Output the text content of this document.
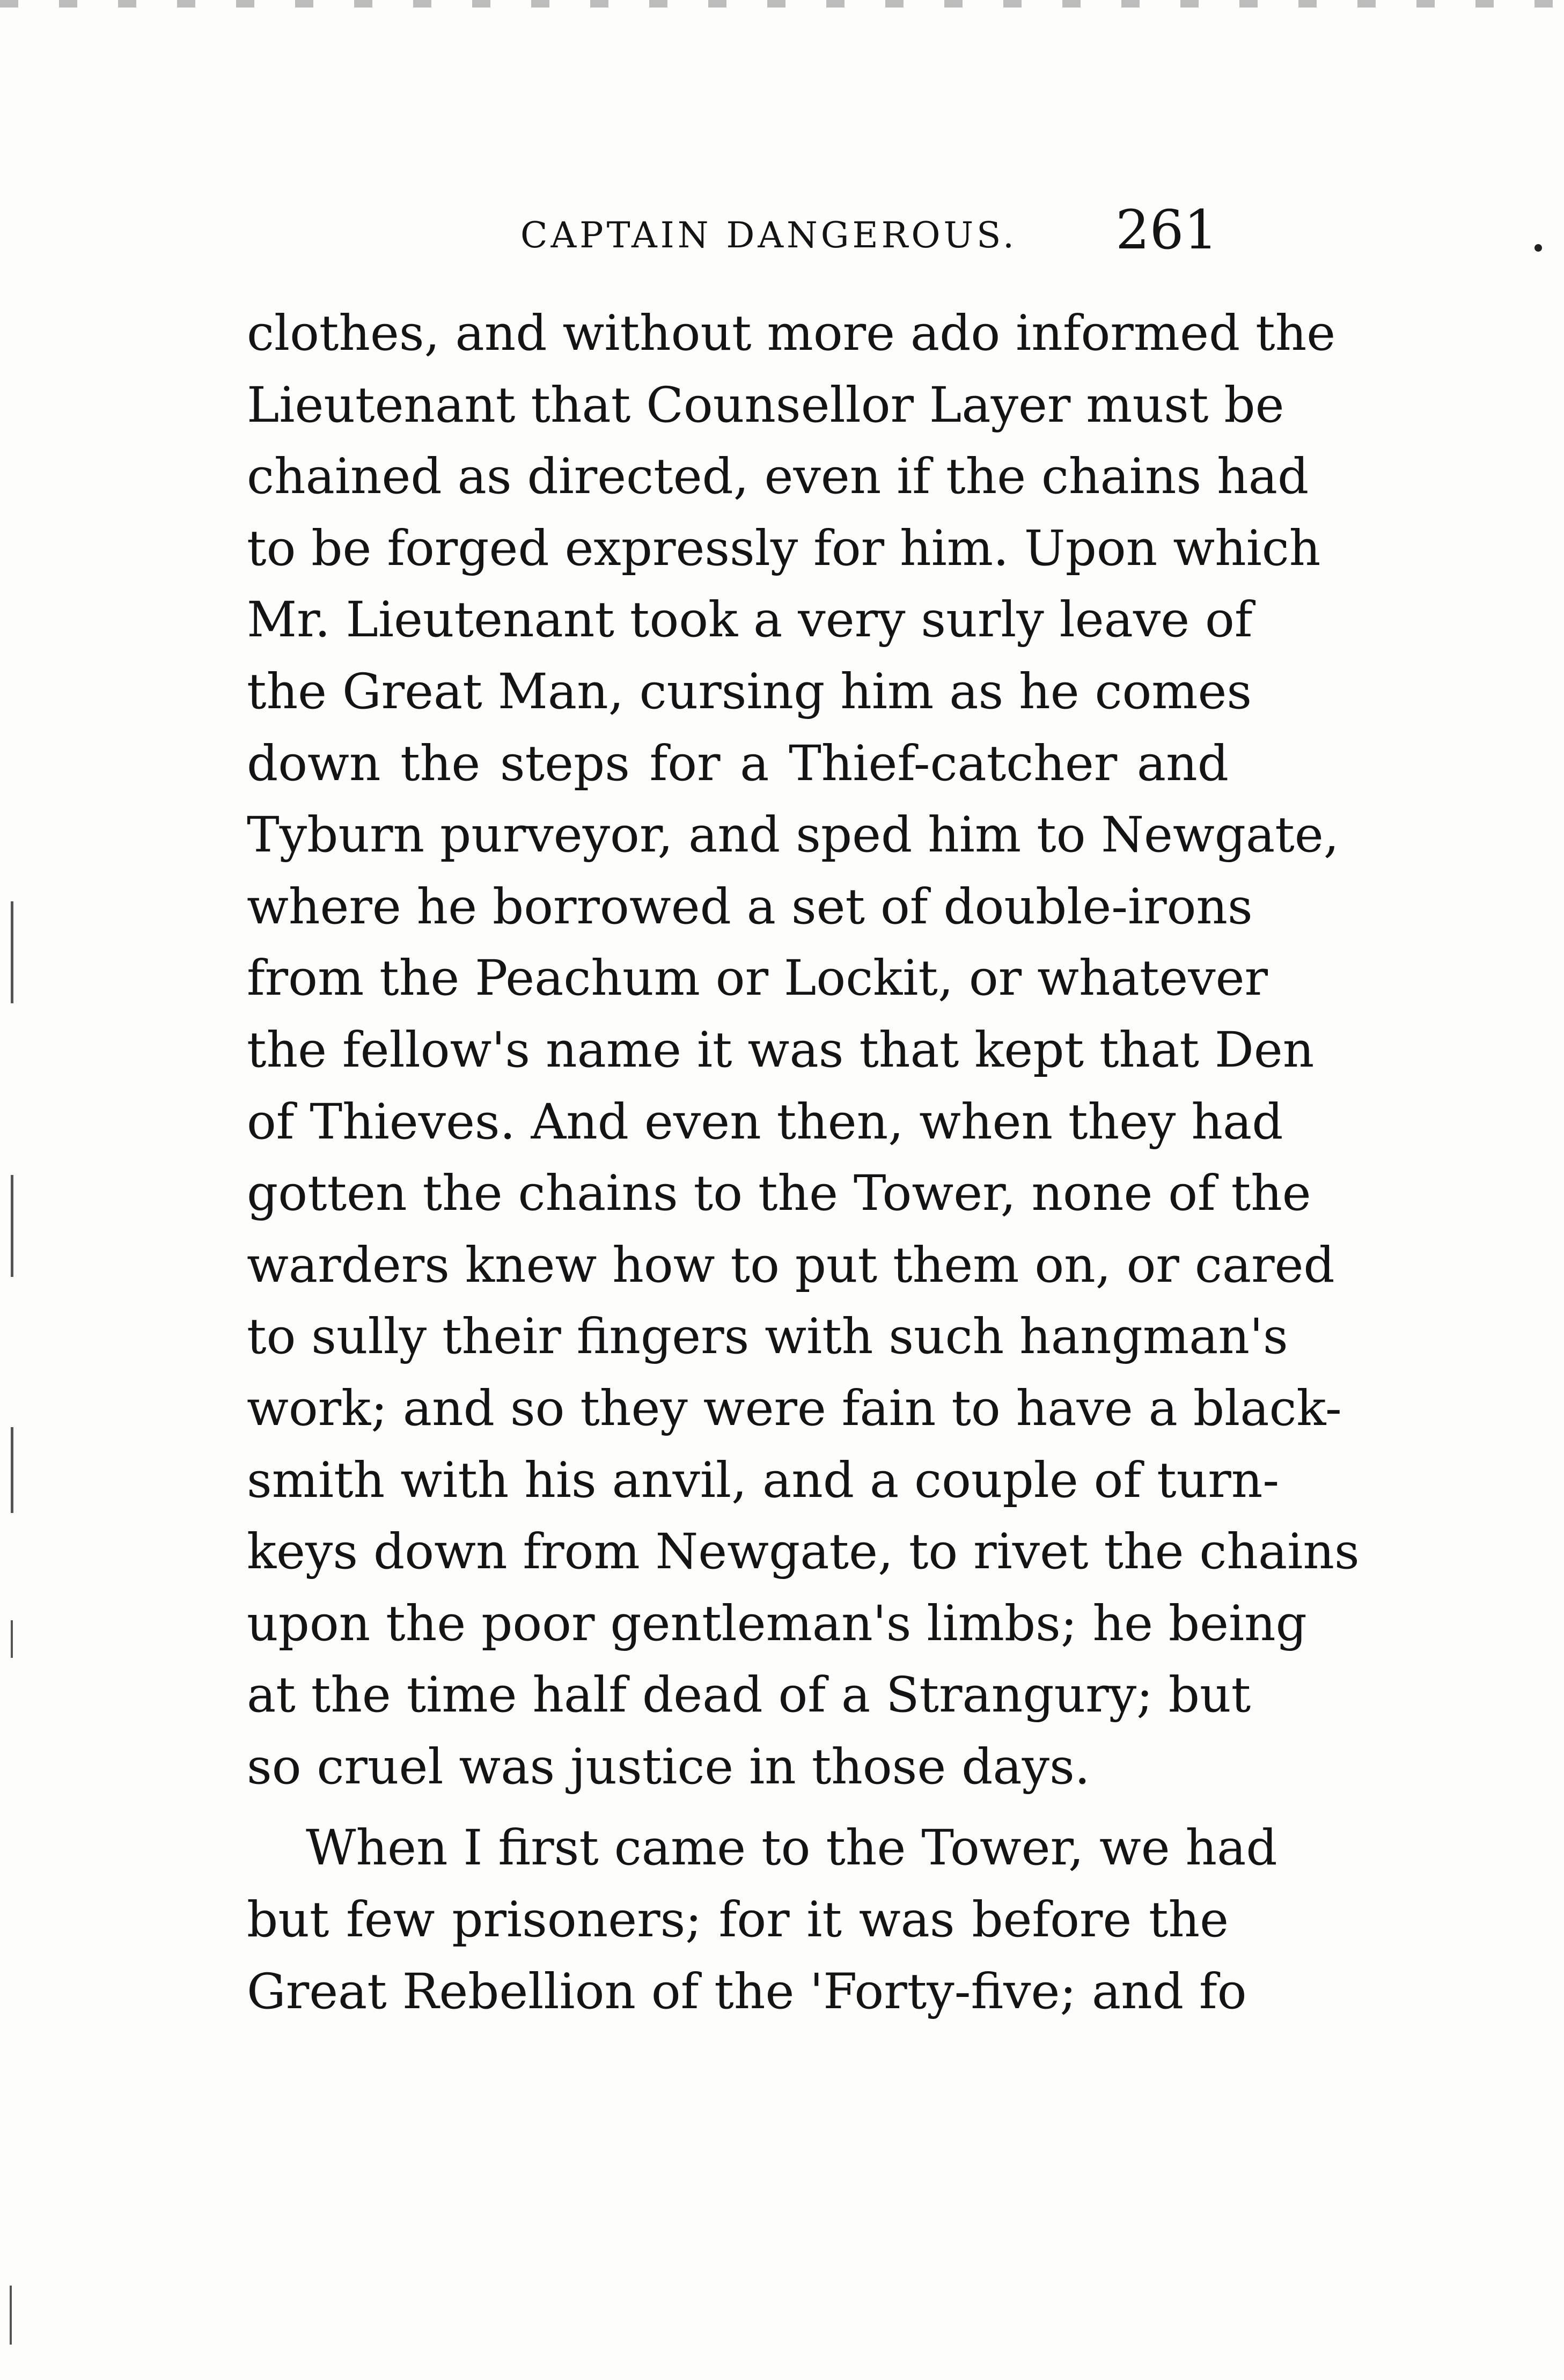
CAPTAIN DANGEROUS. 261
clothes, and without more ado informed the
Lieutenant that Counsellor Layer must be
chained as directed, even if the chains had
to be forged expressly for him. Upon which
Mr. Lieutenant took a very surly leave of
the Great Man, cursing him as he comes
down the steps for a Thief-catcher and
Tyburn purveyor, and sped him to Newgate,
where he borrowed a set of double-irons
from the Peachum or Lockit, or whatever
the fellow's name it was that kept that Den
of Thieves. And even then, when they had
gotten the chains to the Tower, none of the
warders knew how to put them on, or cared
to sully their fingers with such hangman's
work; and so they were fain to have a black-
smith with his anvil, and a couple of turn-
keys down from Newgate, to rivet the chains
upon the poor gentleman's limbs; he being
at the time half dead of a Strangury; but
so cruel was justice in those days.
When I first came to the Tower, we had
but few prisoners; for it was before the
Great Rebellion of the 'Forty-five; and fo
